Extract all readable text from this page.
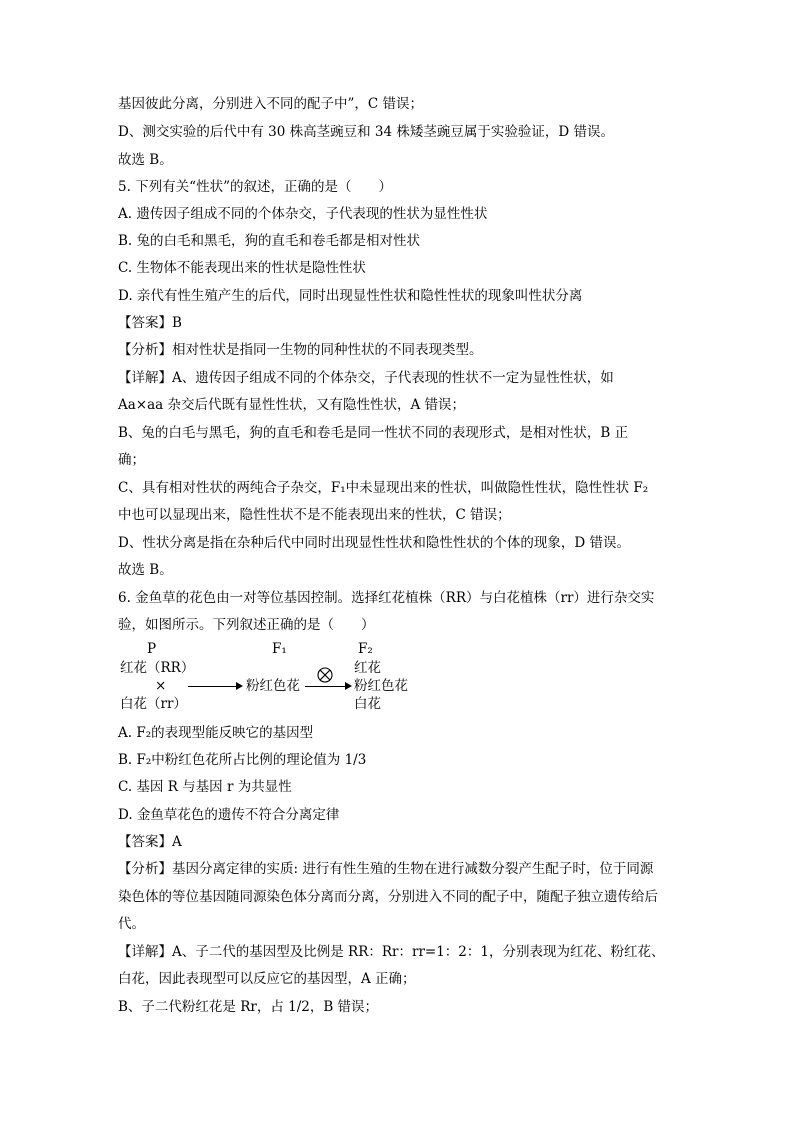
基因彼此分离，分别进入不同的配子中”，C 错误；
D、测交实验的后代中有 30 株高茎豌豆和 34 株矮茎豌豆属于实验验证，D 错误。
故选 B。
5. 下列有关“性状”的叙述，正确的是（　　）
A. 遗传因子组成不同的个体杂交，子代表现的性状为显性性状
B. 兔的白毛和黑毛，狗的直毛和卷毛都是相对性状
C. 生物体不能表现出来的性状是隐性性状
D. 亲代有性生殖产生的后代，同时出现显性性状和隐性性状的现象叫性状分离
【答案】B
【分析】相对性状是指同一生物的同种性状的不同表现类型。
【详解】A、遗传因子组成不同的个体杂交，子代表现的性状不一定为显性性状，如
Aa×aa 杂交后代既有显性性状，又有隐性性状，A 错误；
B、兔的白毛与黑毛，狗的直毛和卷毛是同一性状不同的表现形式，是相对性状，B 正
确；
C、具有相对性状的两纯合子杂交，F₁中未显现出来的性状，叫做隐性性状，隐性性状 F₂
中也可以显现出来，隐性性状不是不能表现出来的性状，C 错误；
D、性状分离是指在杂种后代中同时出现显性性状和隐性性状的个体的现象，D 错误。
故选 B。
6. 金鱼草的花色由一对等位基因控制。选择红花植株（RR）与白花植株（rr）进行杂交实
验，如图所示。下列叙述正确的是（　　）
P	F₁	F₂
红花（RR）
×
白花（rr）
粉红色花
红花
粉红色花
白花
A. F₂的表现型能反映它的基因型
B. F₂中粉红色花所占比例的理论值为 1/3
C. 基因 R 与基因 r 为共显性
D. 金鱼草花色的遗传不符合分离定律
【答案】A
【分析】基因分离定律的实质: 进行有性生殖的生物在进行减数分裂产生配子时，位于同源
染色体的等位基因随同源染色体分离而分离，分别进入不同的配子中，随配子独立遗传给后
代。
【详解】A、子二代的基因型及比例是 RR：Rr：rr=1：2：1，分别表现为红花、粉红花、
白花，因此表现型可以反应它的基因型，A 正确；
B、子二代粉红花是 Rr，占 1/2，B 错误；
